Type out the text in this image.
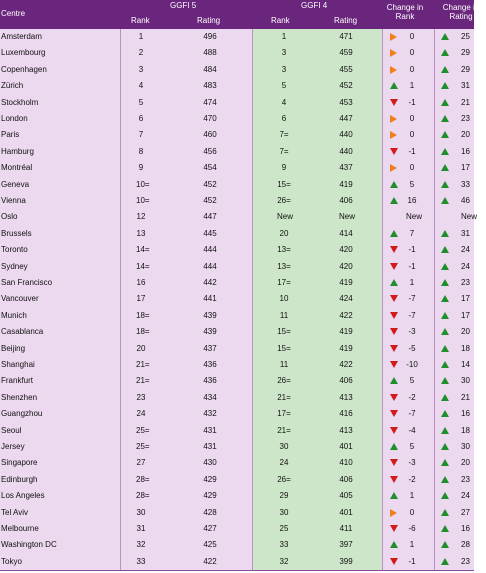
Centre
GGFI 5
Rank	Rating
GGFI 4
Rank	Rating
Change in
Rank
Change in
Rating
Amsterdam	1	496	1	471	0	25
Luxembourg	2	488	3	459	0	29
Copenhagen	3	484	3	455	0	29
Zürich	4	483	5	452	1	31
Stockholm	5	474	4	453	-1	21
London	6	470	6	447	0	23
Paris	7	460	7=	440	0	20
Hamburg	8	456	7=	440	-1	16
Montréal	9	454	9	437	0	17
Geneva	10=	452	15=	419	5	33
Vienna	10=	452	26=	406	16	46
Oslo	12	447	New	New	New	New
Brussels	13	445	20	414	7	31
Toronto	14=	444	13=	420	-1	24
Sydney	14=	444	13=	420	-1	24
San Francisco	16	442	17=	419	1	23
Vancouver	17	441	10	424	-7	17
Munich	18=	439	11	422	-7	17
Casablanca	18=	439	15=	419	-3	20
Beijing	20	437	15=	419	-5	18
Shanghai	21=	436	11	422	-10	14
Frankfurt	21=	436	26=	406	5	30
Shenzhen	23	434	21=	413	-2	21
Guangzhou	24	432	17=	416	-7	16
Seoul	25=	431	21=	413	-4	18
Jersey	25=	431	30	401	5	30
Singapore	27	430	24	410	-3	20
Edinburgh	28=	429	26=	406	-2	23
Los Angeles	28=	429	29	405	1	24
Tel Aviv	30	428	30	401	0	27
Melbourne	31	427	25	411	-6	16
Washington DC	32	425	33	397	1	28
Tokyo	33	422	32	399	-1	23
